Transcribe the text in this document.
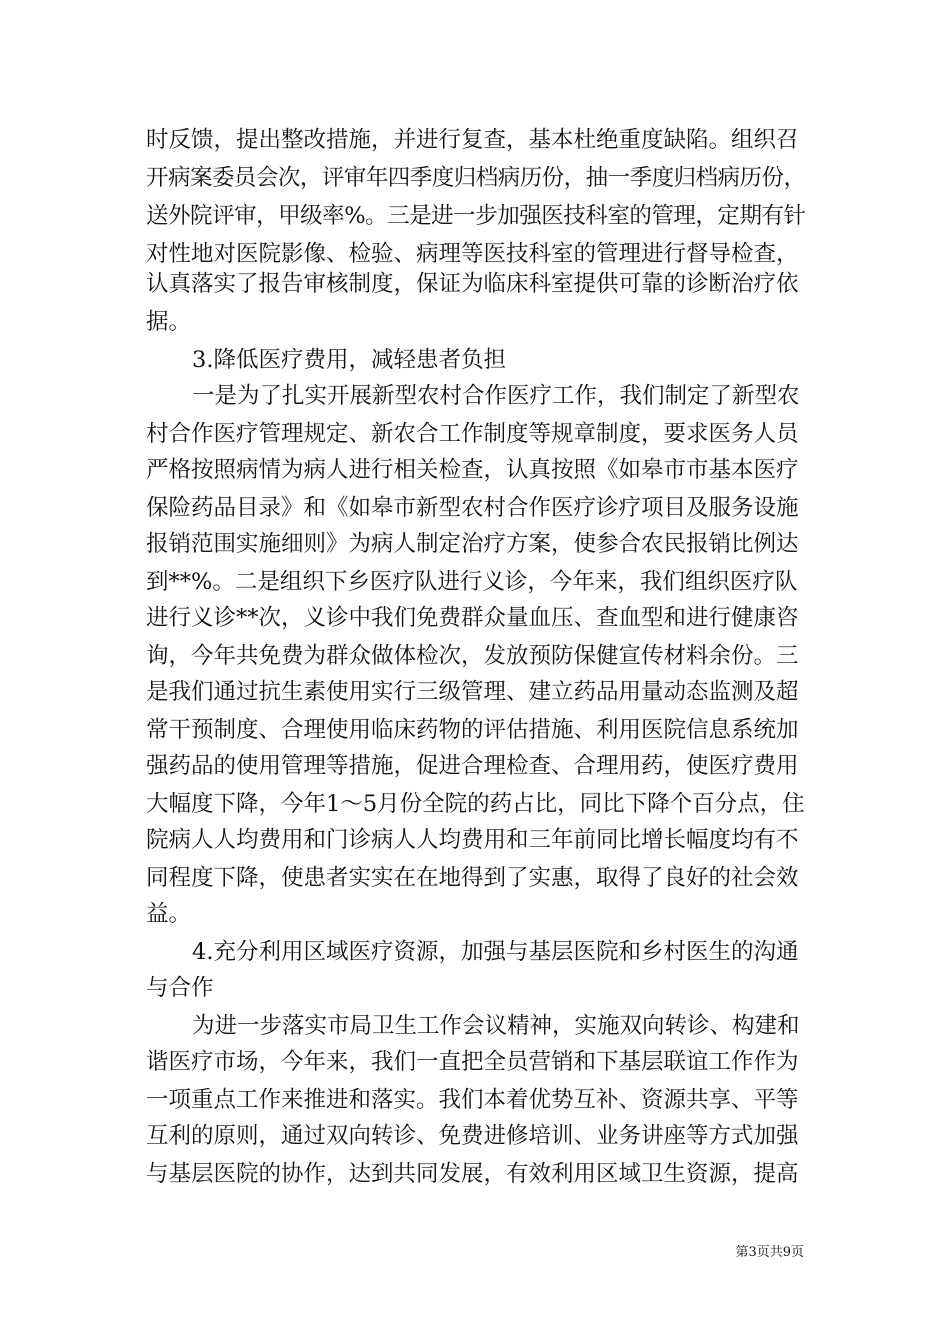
时反馈，提出整改措施，并进行复查，基本杜绝重度缺陷。组织召
开病案委员会次，评审年四季度归档病历份，抽一季度归档病历份，
送外院评审，甲级率%。三是进一步加强医技科室的管理，定期有针
对性地对医院影像、检验、病理等医技科室的管理进行督导检查，
认真落实了报告审核制度，保证为临床科室提供可靠的诊断治疗依
据。
3.降低医疗费用，减轻患者负担
一是为了扎实开展新型农村合作医疗工作，我们制定了新型农
村合作医疗管理规定、新农合工作制度等规章制度，要求医务人员
严格按照病情为病人进行相关检查，认真按照《如皋市市基本医疗
保险药品目录》和《如皋市新型农村合作医疗诊疗项目及服务设施
报销范围实施细则》为病人制定治疗方案，使参合农民报销比例达
到**%。二是组织下乡医疗队进行义诊，今年来，我们组织医疗队
进行义诊**次，义诊中我们免费群众量血压、查血型和进行健康咨
询，今年共免费为群众做体检次，发放预防保健宣传材料余份。三
是我们通过抗生素使用实行三级管理、建立药品用量动态监测及超
常干预制度、合理使用临床药物的评估措施、利用医院信息系统加
强药品的使用管理等措施，促进合理检查、合理用药，使医疗费用
大幅度下降，今年1～5月份全院的药占比，同比下降个百分点，住
院病人人均费用和门诊病人人均费用和三年前同比增长幅度均有不
同程度下降，使患者实实在在地得到了实惠，取得了良好的社会效
益。
4.充分利用区域医疗资源，加强与基层医院和乡村医生的沟通
与合作
为进一步落实市局卫生工作会议精神，实施双向转诊、构建和
谐医疗市场，今年来，我们一直把全员营销和下基层联谊工作作为
一项重点工作来推进和落实。我们本着优势互补、资源共享、平等
互利的原则，通过双向转诊、免费进修培训、业务讲座等方式加强
与基层医院的协作，达到共同发展，有效利用区域卫生资源，提高
第3页共9页
